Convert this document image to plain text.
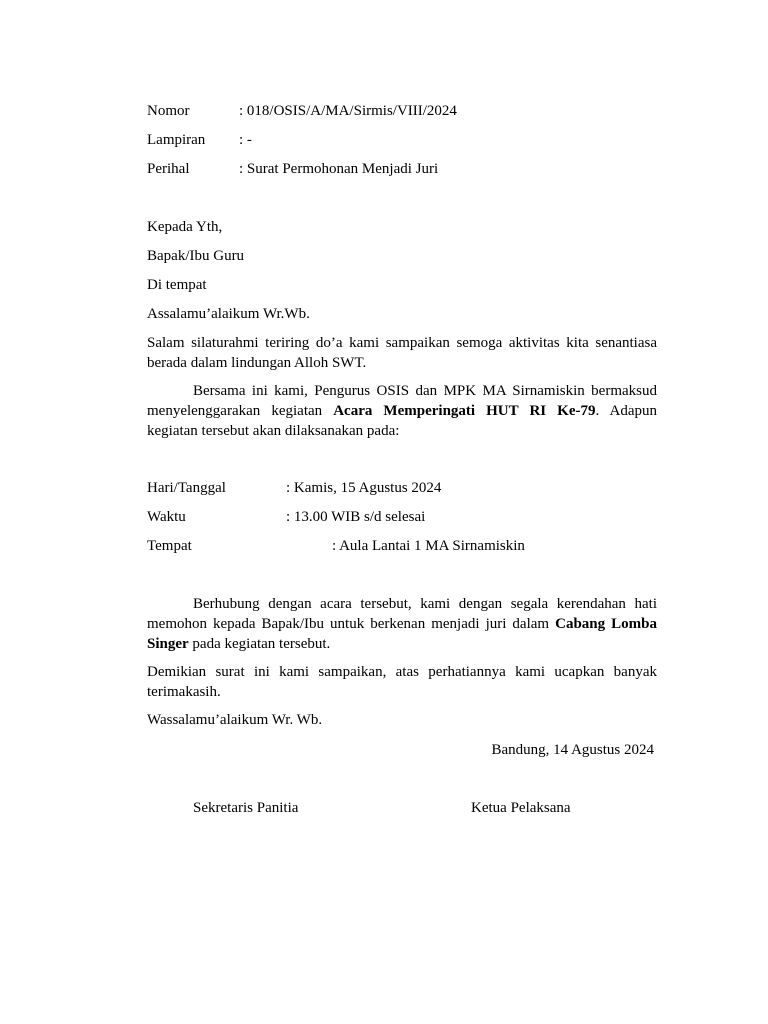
Nomor	: 018/OSIS/A/MA/Sirmis/VIII/2024
Lampiran : -
Perihal	: Surat Permohonan Menjadi Juri
Kepada Yth,
Bapak/Ibu Guru
Di tempat
Assalamu’alaikum Wr.Wb.
Salam silaturahmi teriring do’a kami sampaikan semoga aktivitas kita senantiasa berada dalam lindungan Alloh SWT.
Bersama ini kami, Pengurus OSIS dan MPK MA Sirnamiskin bermaksud menyelenggarakan kegiatan Acara Memperingati HUT RI Ke-79. Adapun kegiatan tersebut akan dilaksanakan pada:
Hari/Tanggal	: Kamis, 15 Agustus 2024
Waktu	: 13.00 WIB s/d selesai
Tempat	: Aula Lantai 1 MA Sirnamiskin
Berhubung dengan acara tersebut, kami dengan segala kerendahan hati memohon kepada Bapak/Ibu untuk berkenan menjadi juri dalam Cabang Lomba Singer pada kegiatan tersebut.
Demikian surat ini kami sampaikan, atas perhatiannya kami ucapkan banyak terimakasih.
Wassalamu’alaikum Wr. Wb.
Bandung, 14 Agustus 2024
Sekretaris Panitia	Ketua Pelaksana
